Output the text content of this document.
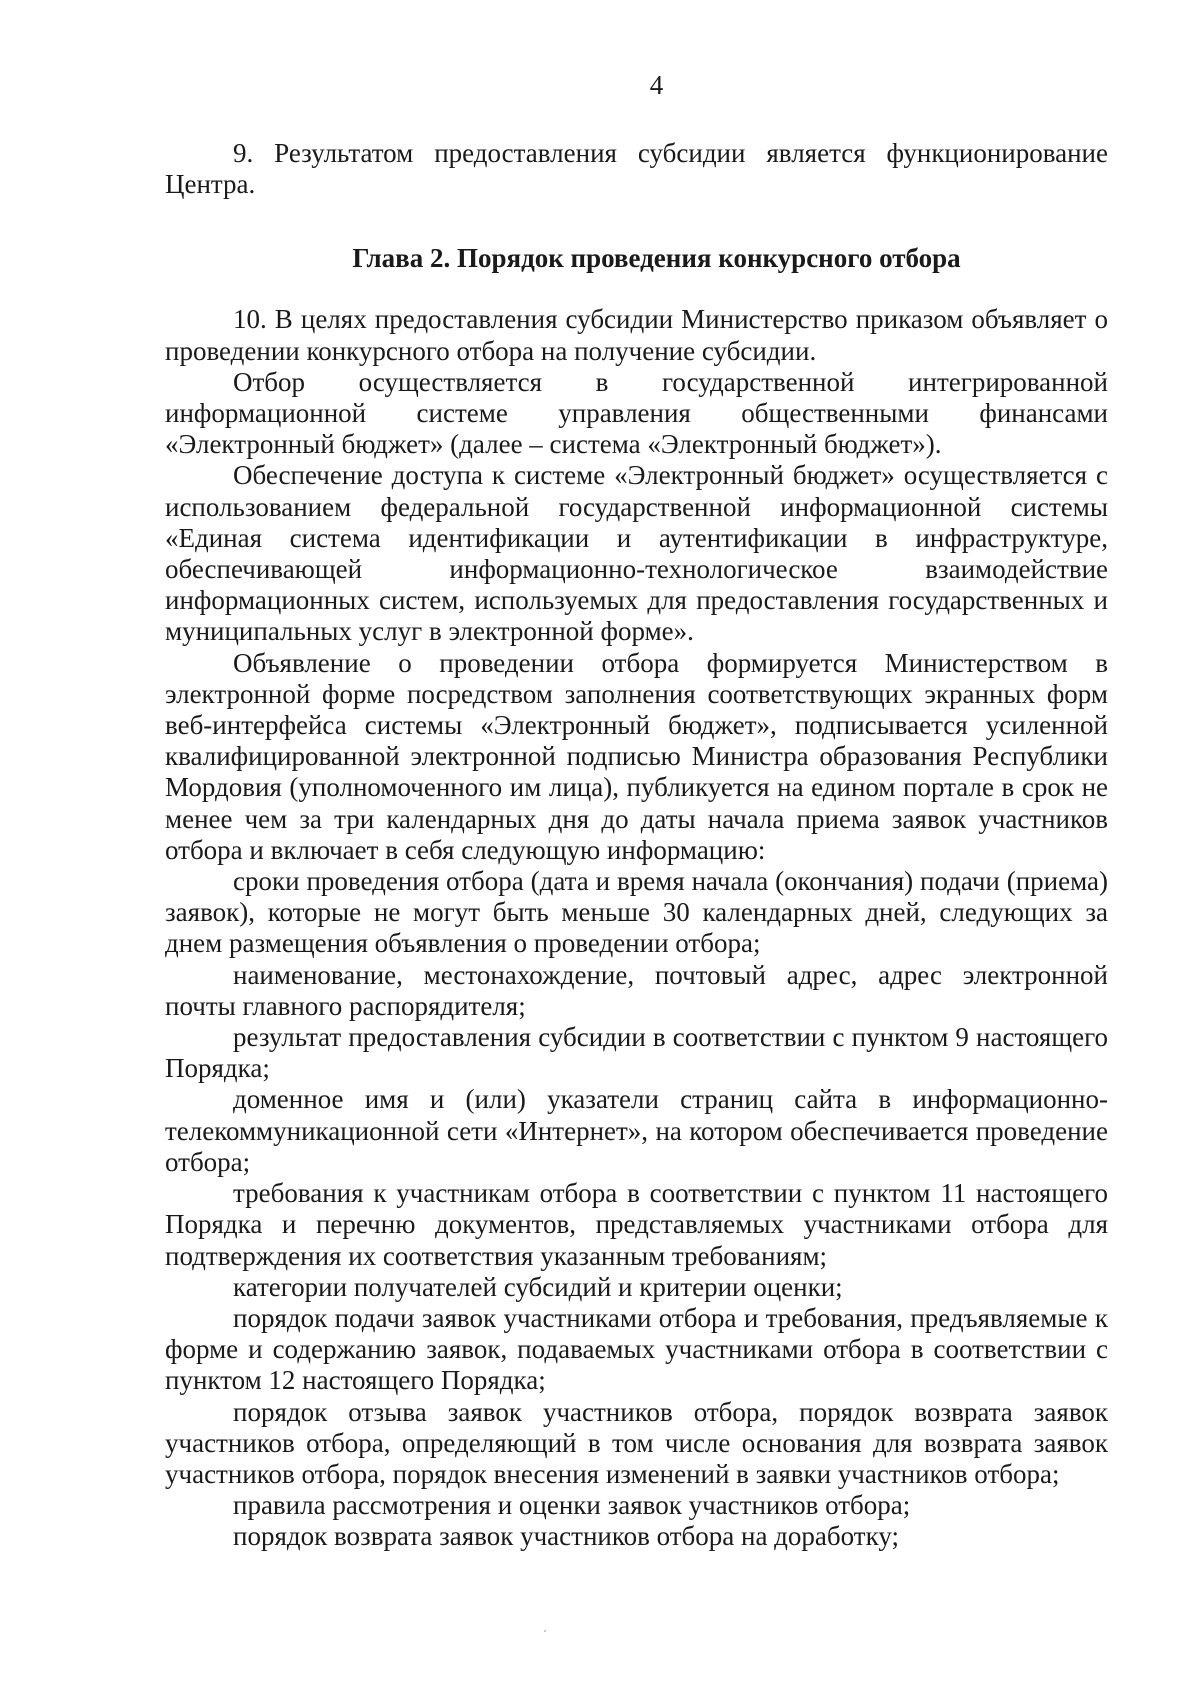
4

9. Результатом предоставления субсидии является функционирование Центра.

Глава 2. Порядок проведения конкурсного отбора

10. В целях предоставления субсидии Министерство приказом объявляет о проведении конкурсного отбора на получение субсидии.

Отбор осуществляется в государственной интегрированной информационной системе управления общественными финансами «Электронный бюджет» (далее – система «Электронный бюджет»).

Обеспечение доступа к системе «Электронный бюджет» осуществляется с использованием федеральной государственной информационной системы «Единая система идентификации и аутентификации в инфраструктуре, обеспечивающей информационно-технологическое взаимодействие информационных систем, используемых для предоставления государственных и муниципальных услуг в электронной форме».

Объявление о проведении отбора формируется Министерством в электронной форме посредством заполнения соответствующих экранных форм веб-интерфейса системы «Электронный бюджет», подписывается усиленной квалифицированной электронной подписью Министра образования Республики Мордовия (уполномоченного им лица), публикуется на едином портале в срок не менее чем за три календарных дня до даты начала приема заявок участников отбора и включает в себя следующую информацию:

сроки проведения отбора (дата и время начала (окончания) подачи (приема) заявок), которые не могут быть меньше 30 календарных дней, следующих за днем размещения объявления о проведении отбора;

наименование, местонахождение, почтовый адрес, адрес электронной почты главного распорядителя;

результат предоставления субсидии в соответствии с пунктом 9 настоящего Порядка;

доменное имя и (или) указатели страниц сайта в информационно-телекоммуникационной сети «Интернет», на котором обеспечивается проведение отбора;

требования к участникам отбора в соответствии с пунктом 11 настоящего Порядка и перечню документов, представляемых участниками отбора для подтверждения их соответствия указанным требованиям;

категории получателей субсидий и критерии оценки;

порядок подачи заявок участниками отбора и требования, предъявляемые к форме и содержанию заявок, подаваемых участниками отбора в соответствии с пунктом 12 настоящего Порядка;

порядок отзыва заявок участников отбора, порядок возврата заявок участников отбора, определяющий в том числе основания для возврата заявок участников отбора, порядок внесения изменений в заявки участников отбора;

правила рассмотрения и оценки заявок участников отбора;

порядок возврата заявок участников отбора на доработку;
